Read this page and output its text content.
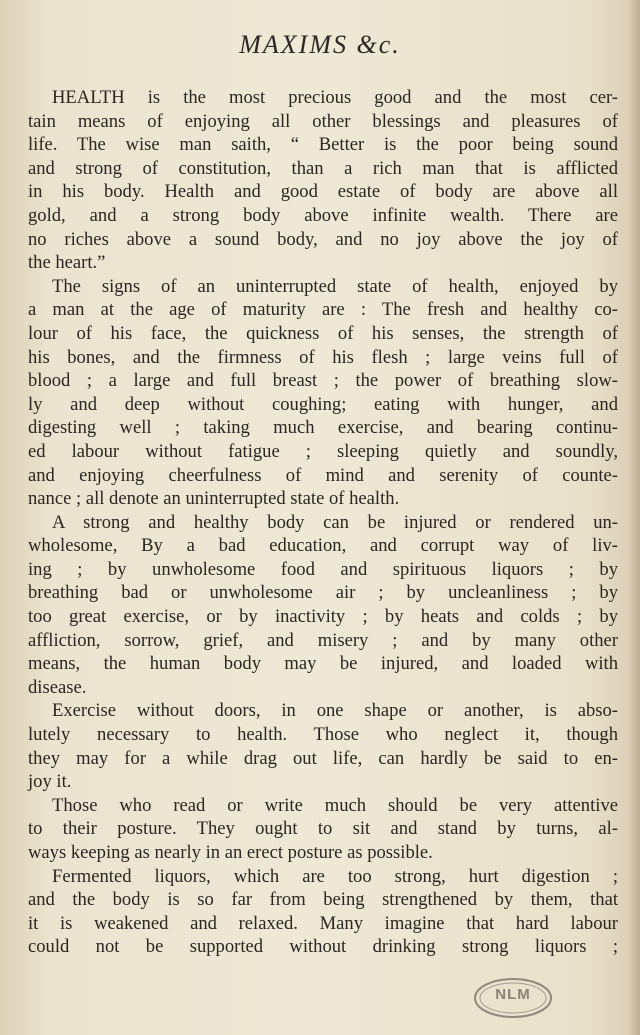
MAXIMS &c.
HEALTH is the most precious good and the most cer-
tain means of enjoying all other blessings and pleasures of
life. The wise man saith, “ Better is the poor being sound
and strong of constitution, than a rich man that is afflicted
in his body. Health and good estate of body are above all
gold, and a strong body above infinite wealth. There are
no riches above a sound body, and no joy above the joy of
the heart.”
The signs of an uninterrupted state of health, enjoyed by
a man at the age of maturity are : The fresh and healthy co-
lour of his face, the quickness of his senses, the strength of
his bones, and the firmness of his flesh ; large veins full of
blood ; a large and full breast ; the power of breathing slow-
ly and deep without coughing; eating with hunger, and
digesting well ; taking much exercise, and bearing continu-
ed labour without fatigue ; sleeping quietly and soundly,
and enjoying cheerfulness of mind and serenity of counte-
nance ; all denote an uninterrupted state of health.
A strong and healthy body can be injured or rendered un-
wholesome, By a bad education, and corrupt way of liv-
ing ; by unwholesome food and spirituous liquors ; by
breathing bad or unwholesome air ; by uncleanliness ; by
too great exercise, or by inactivity ; by heats and colds ; by
affliction, sorrow, grief, and misery ; and by many other
means, the human body may be injured, and loaded with
disease.
Exercise without doors, in one shape or another, is abso-
lutely necessary to health. Those who neglect it, though
they may for a while drag out life, can hardly be said to en-
joy it.
Those who read or write much should be very attentive
to their posture. They ought to sit and stand by turns, al-
ways keeping as nearly in an erect posture as possible.
Fermented liquors, which are too strong, hurt digestion ;
and the body is so far from being strengthened by them, that
it is weakened and relaxed. Many imagine that hard labour
could not be supported without drinking strong liquors ;
NLM
